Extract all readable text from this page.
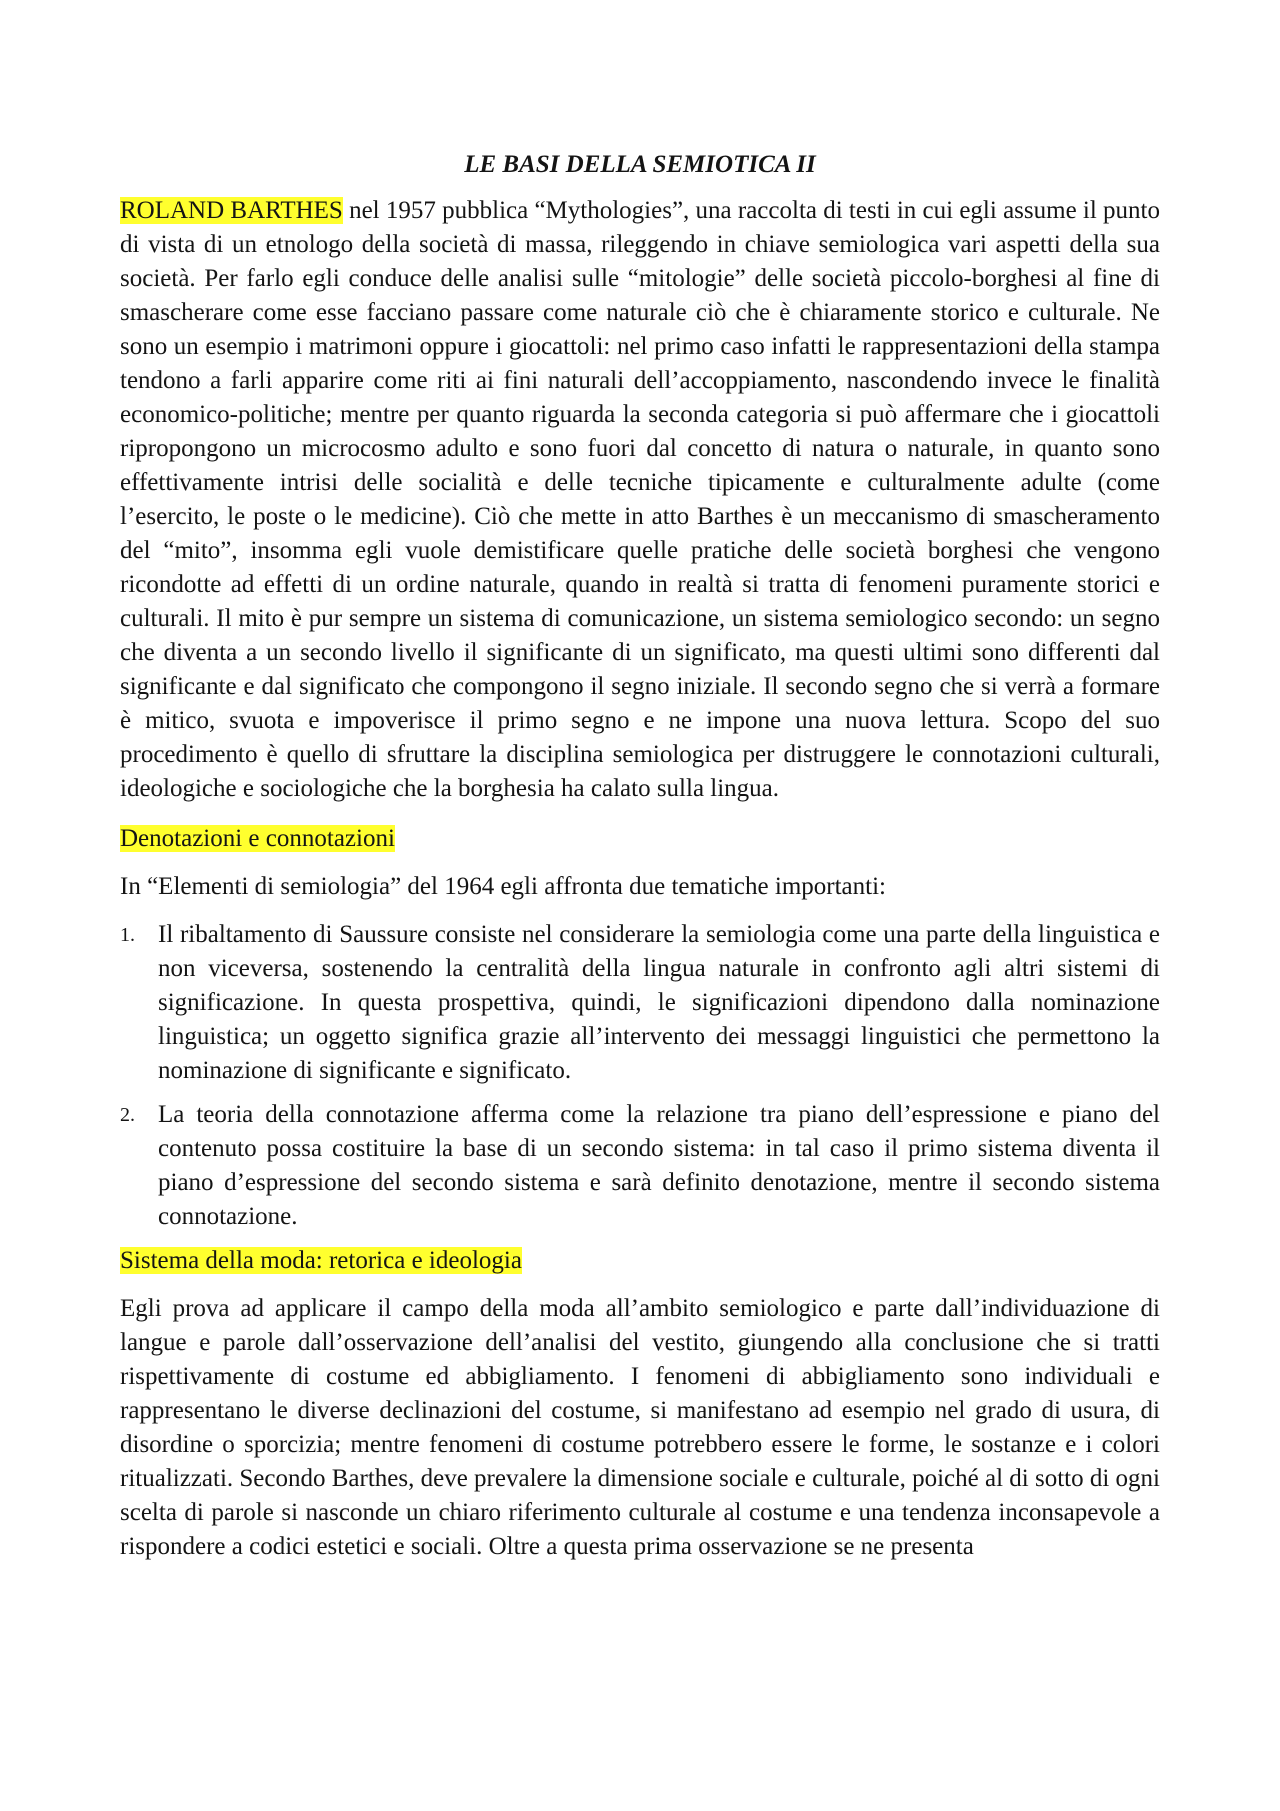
LE BASI DELLA SEMIOTICA II

ROLAND BARTHES nel 1957 pubblica “Mythologies”, una raccolta di testi in cui egli assume il punto di vista di un etnologo della società di massa, rileggendo in chiave semiologica vari aspetti della sua società. Per farlo egli conduce delle analisi sulle “mitologie” delle società piccolo-borghesi al fine di smascherare come esse facciano passare come naturale ciò che è chiaramente storico e culturale. Ne sono un esempio i matrimoni oppure i giocattoli: nel primo caso infatti le rappresentazioni della stampa tendono a farli apparire come riti ai fini naturali dell’accoppiamento, nascondendo invece le finalità economico-politiche; mentre per quanto riguarda la seconda categoria si può affermare che i giocattoli ripropongono un microcosmo adulto e sono fuori dal concetto di natura o naturale, in quanto sono effettivamente intrisi delle socialità e delle tecniche tipicamente e culturalmente adulte (come l’esercito, le poste o le medicine). Ciò che mette in atto Barthes è un meccanismo di smascheramento del “mito”, insomma egli vuole demistificare quelle pratiche delle società borghesi che vengono ricondotte ad effetti di un ordine naturale, quando in realtà si tratta di fenomeni puramente storici e culturali. Il mito è pur sempre un sistema di comunicazione, un sistema semiologico secondo: un segno che diventa a un secondo livello il significante di un significato, ma questi ultimi sono differenti dal significante e dal significato che compongono il segno iniziale. Il secondo segno che si verrà a formare è mitico, svuota e impoverisce il primo segno e ne impone una nuova lettura. Scopo del suo procedimento è quello di sfruttare la disciplina semiologica per distruggere le connotazioni culturali, ideologiche e sociologiche che la borghesia ha calato sulla lingua.

Denotazioni e connotazioni

In “Elementi di semiologia” del 1964 egli affronta due tematiche importanti:

1. Il ribaltamento di Saussure consiste nel considerare la semiologia come una parte della linguistica e non viceversa, sostenendo la centralità della lingua naturale in confronto agli altri sistemi di significazione. In questa prospettiva, quindi, le significazioni dipendono dalla nominazione linguistica; un oggetto significa grazie all’intervento dei messaggi linguistici che permettono la nominazione di significante e significato.
2. La teoria della connotazione afferma come la relazione tra piano dell’espressione e piano del contenuto possa costituire la base di un secondo sistema: in tal caso il primo sistema diventa il piano d’espressione del secondo sistema e sarà definito denotazione, mentre il secondo sistema connotazione.
Sistema della moda: retorica e ideologia

Egli prova ad applicare il campo della moda all’ambito semiologico e parte dall’individuazione di langue e parole dall’osservazione dell’analisi del vestito, giungendo alla conclusione che si tratti rispettivamente di costume ed abbigliamento. I fenomeni di abbigliamento sono individuali e rappresentano le diverse declinazioni del costume, si manifestano ad esempio nel grado di usura, di disordine o sporcizia; mentre fenomeni di costume potrebbero essere le forme, le sostanze e i colori ritualizzati. Secondo Barthes, deve prevalere la dimensione sociale e culturale, poiché al di sotto di ogni scelta di parole si nasconde un chiaro riferimento culturale al costume e una tendenza inconsapevole a rispondere a codici estetici e sociali. Oltre a questa prima osservazione se ne presenta
